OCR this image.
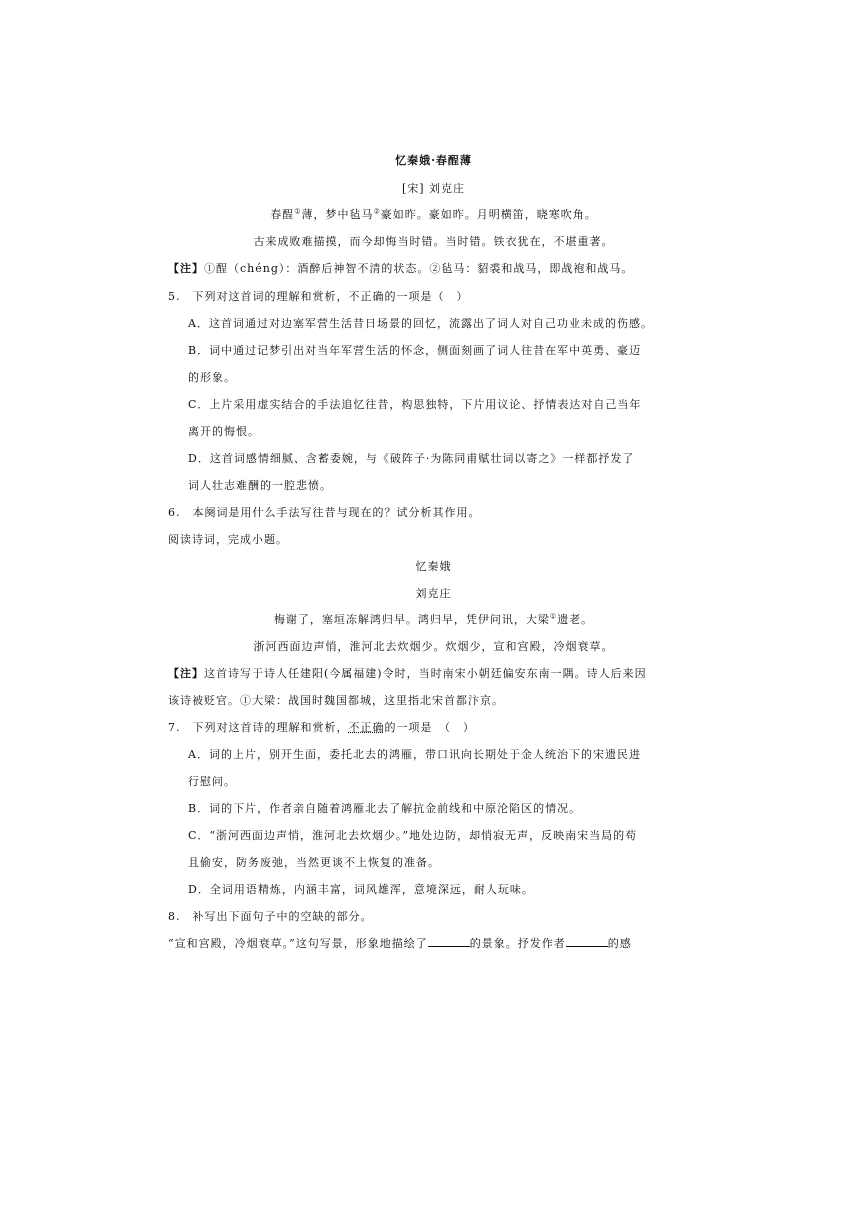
忆秦娥·春酲薄
[宋] 刘克庄
春酲①薄，梦中毡马②豪如昨。豪如昨。月明横笛，晓寒吹角。
古来成败难描摸，而今却悔当时错。当时错。铁衣犹在，不堪重著。
【注】①酲（chéng）：酒醉后神智不清的状态。②毡马：貂裘和战马，即战袍和战马。
5.　下列对这首词的理解和赏析，不正确的一项是（　）
A．这首词通过对边塞军营生活昔日场景的回忆，流露出了词人对自己功业未成的伤感。
B．词中通过记梦引出对当年军营生活的怀念，侧面刻画了词人往昔在军中英勇、豪迈
的形象。
C．上片采用虚实结合的手法追忆往昔，构思独特，下片用议论、抒情表达对自己当年
离开的悔恨。
D．这首词感情细腻、含蓄委婉，与《破阵子·为陈同甫赋壮词以寄之》一样都抒发了
词人壮志难酬的一腔悲愤。
6.　本阕词是用什么手法写往昔与现在的？试分析其作用。
阅读诗词，完成小题。
忆秦娥
刘克庄
梅谢了，塞垣冻解鸿归早。鸿归早，凭伊问讯，大梁①遗老。
浙河西面边声悄，淮河北去炊烟少。炊烟少，宣和宫殿，冷烟衰草。
【注】这首诗写于诗人任建阳(今属福建)令时，当时南宋小朝廷偏安东南一隅。诗人后来因
该诗被贬官。①大梁：战国时魏国都城，这里指北宋首都汴京。
7.　下列对这首诗的理解和赏析，不正确的一项是　（　）
A．词的上片，别开生面，委托北去的鸿雁，带口讯向长期处于金人统治下的宋遗民进
行慰问。
B．词的下片，作者亲自随着鸿雁北去了解抗金前线和中原沦陷区的情况。
C．“浙河西面边声悄，淮河北去炊烟少。”地处边防，却悄寂无声，反映南宋当局的苟
且偷安，防务废弛，当然更谈不上恢复的准备。
D．全词用语精炼，内涵丰富，词风雄浑，意境深远，耐人玩味。
8.　补写出下面句子中的空缺的部分。
“宣和宫殿，冷烟衰草。”这句写景，形象地描绘了	的景象。抒发作者	的感
